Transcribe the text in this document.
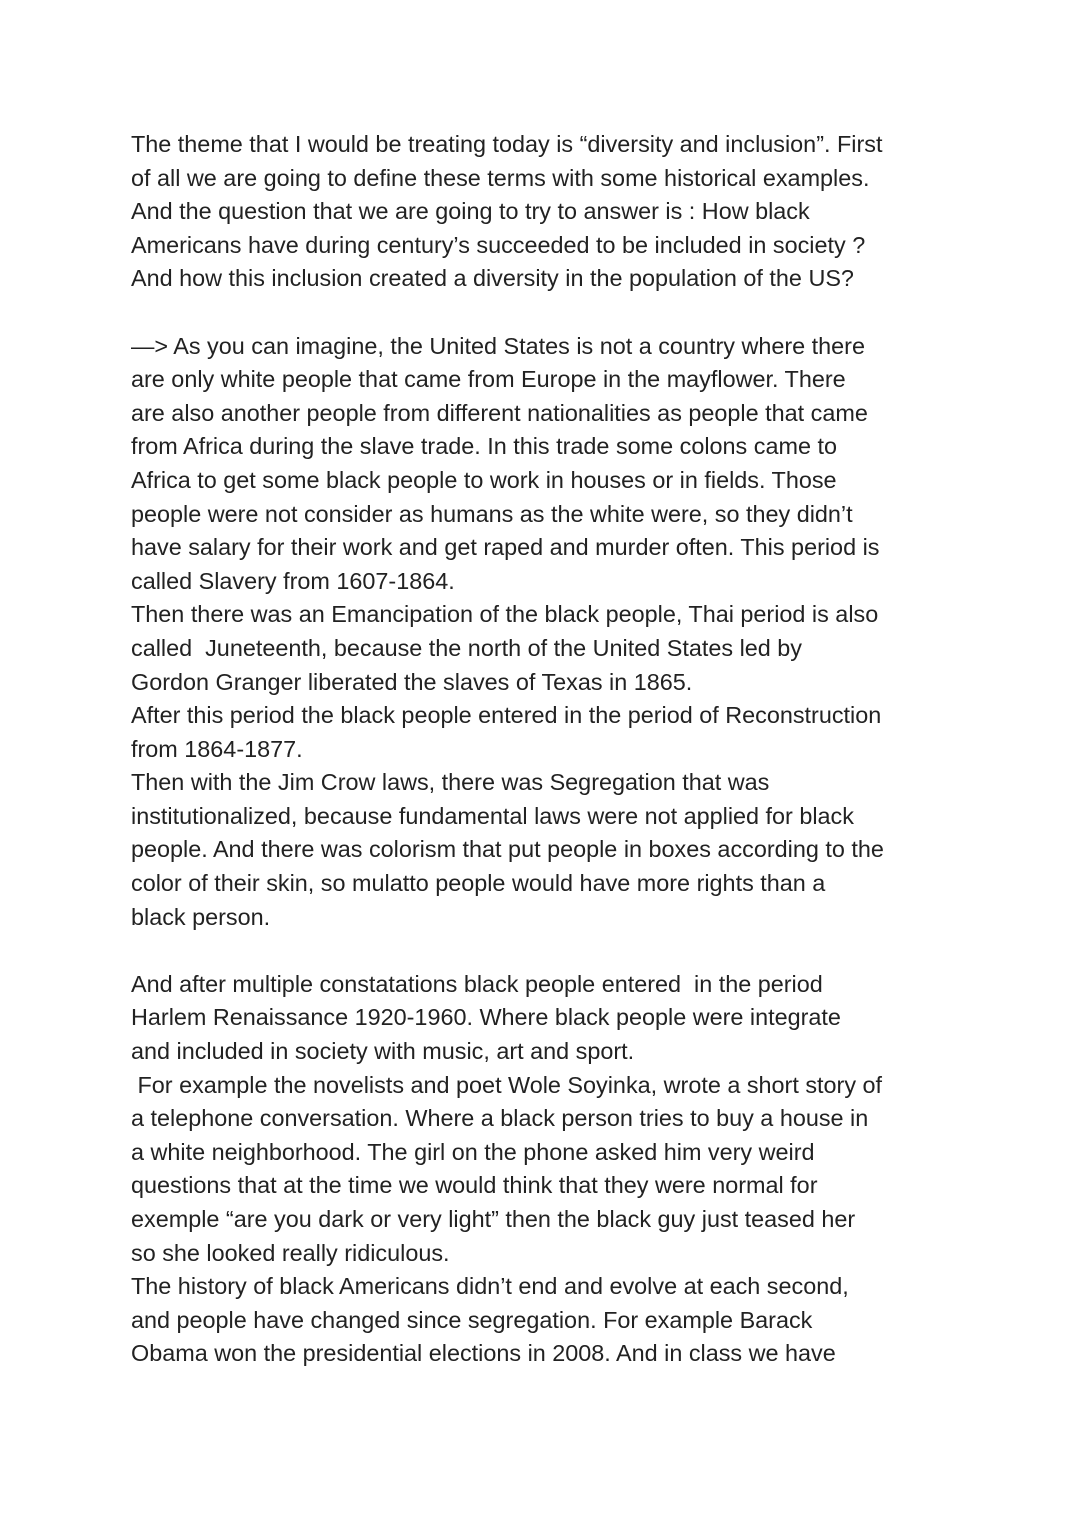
The theme that I would be treating today is “diversity and inclusion”. First
of all we are going to define these terms with some historical examples.
And the question that we are going to try to answer is : How black
Americans have during century’s succeeded to be included in society ?
And how this inclusion created a diversity in the population of the US?
—> As you can imagine, the United States is not a country where there
are only white people that came from Europe in the mayflower. There
are also another people from different nationalities as people that came
from Africa during the slave trade. In this trade some colons came to
Africa to get some black people to work in houses or in fields. Those
people were not consider as humans as the white were, so they didn’t
have salary for their work and get raped and murder often. This period is
called Slavery from 1607-1864.
Then there was an Emancipation of the black people, Thai period is also
called  Juneteenth, because the north of the United States led by
Gordon Granger liberated the slaves of Texas in 1865.
After this period the black people entered in the period of Reconstruction
from 1864-1877.
Then with the Jim Crow laws, there was Segregation that was
institutionalized, because fundamental laws were not applied for black
people. And there was colorism that put people in boxes according to the
color of their skin, so mulatto people would have more rights than a
black person.
And after multiple constatations black people entered  in the period
Harlem Renaissance 1920-1960. Where black people were integrate
and included in society with music, art and sport.
For example the novelists and poet Wole Soyinka, wrote a short story of
a telephone conversation. Where a black person tries to buy a house in
a white neighborhood. The girl on the phone asked him very weird
questions that at the time we would think that they were normal for
exemple “are you dark or very light” then the black guy just teased her
so she looked really ridiculous.
The history of black Americans didn’t end and evolve at each second,
and people have changed since segregation. For example Barack
Obama won the presidential elections in 2008. And in class we have
